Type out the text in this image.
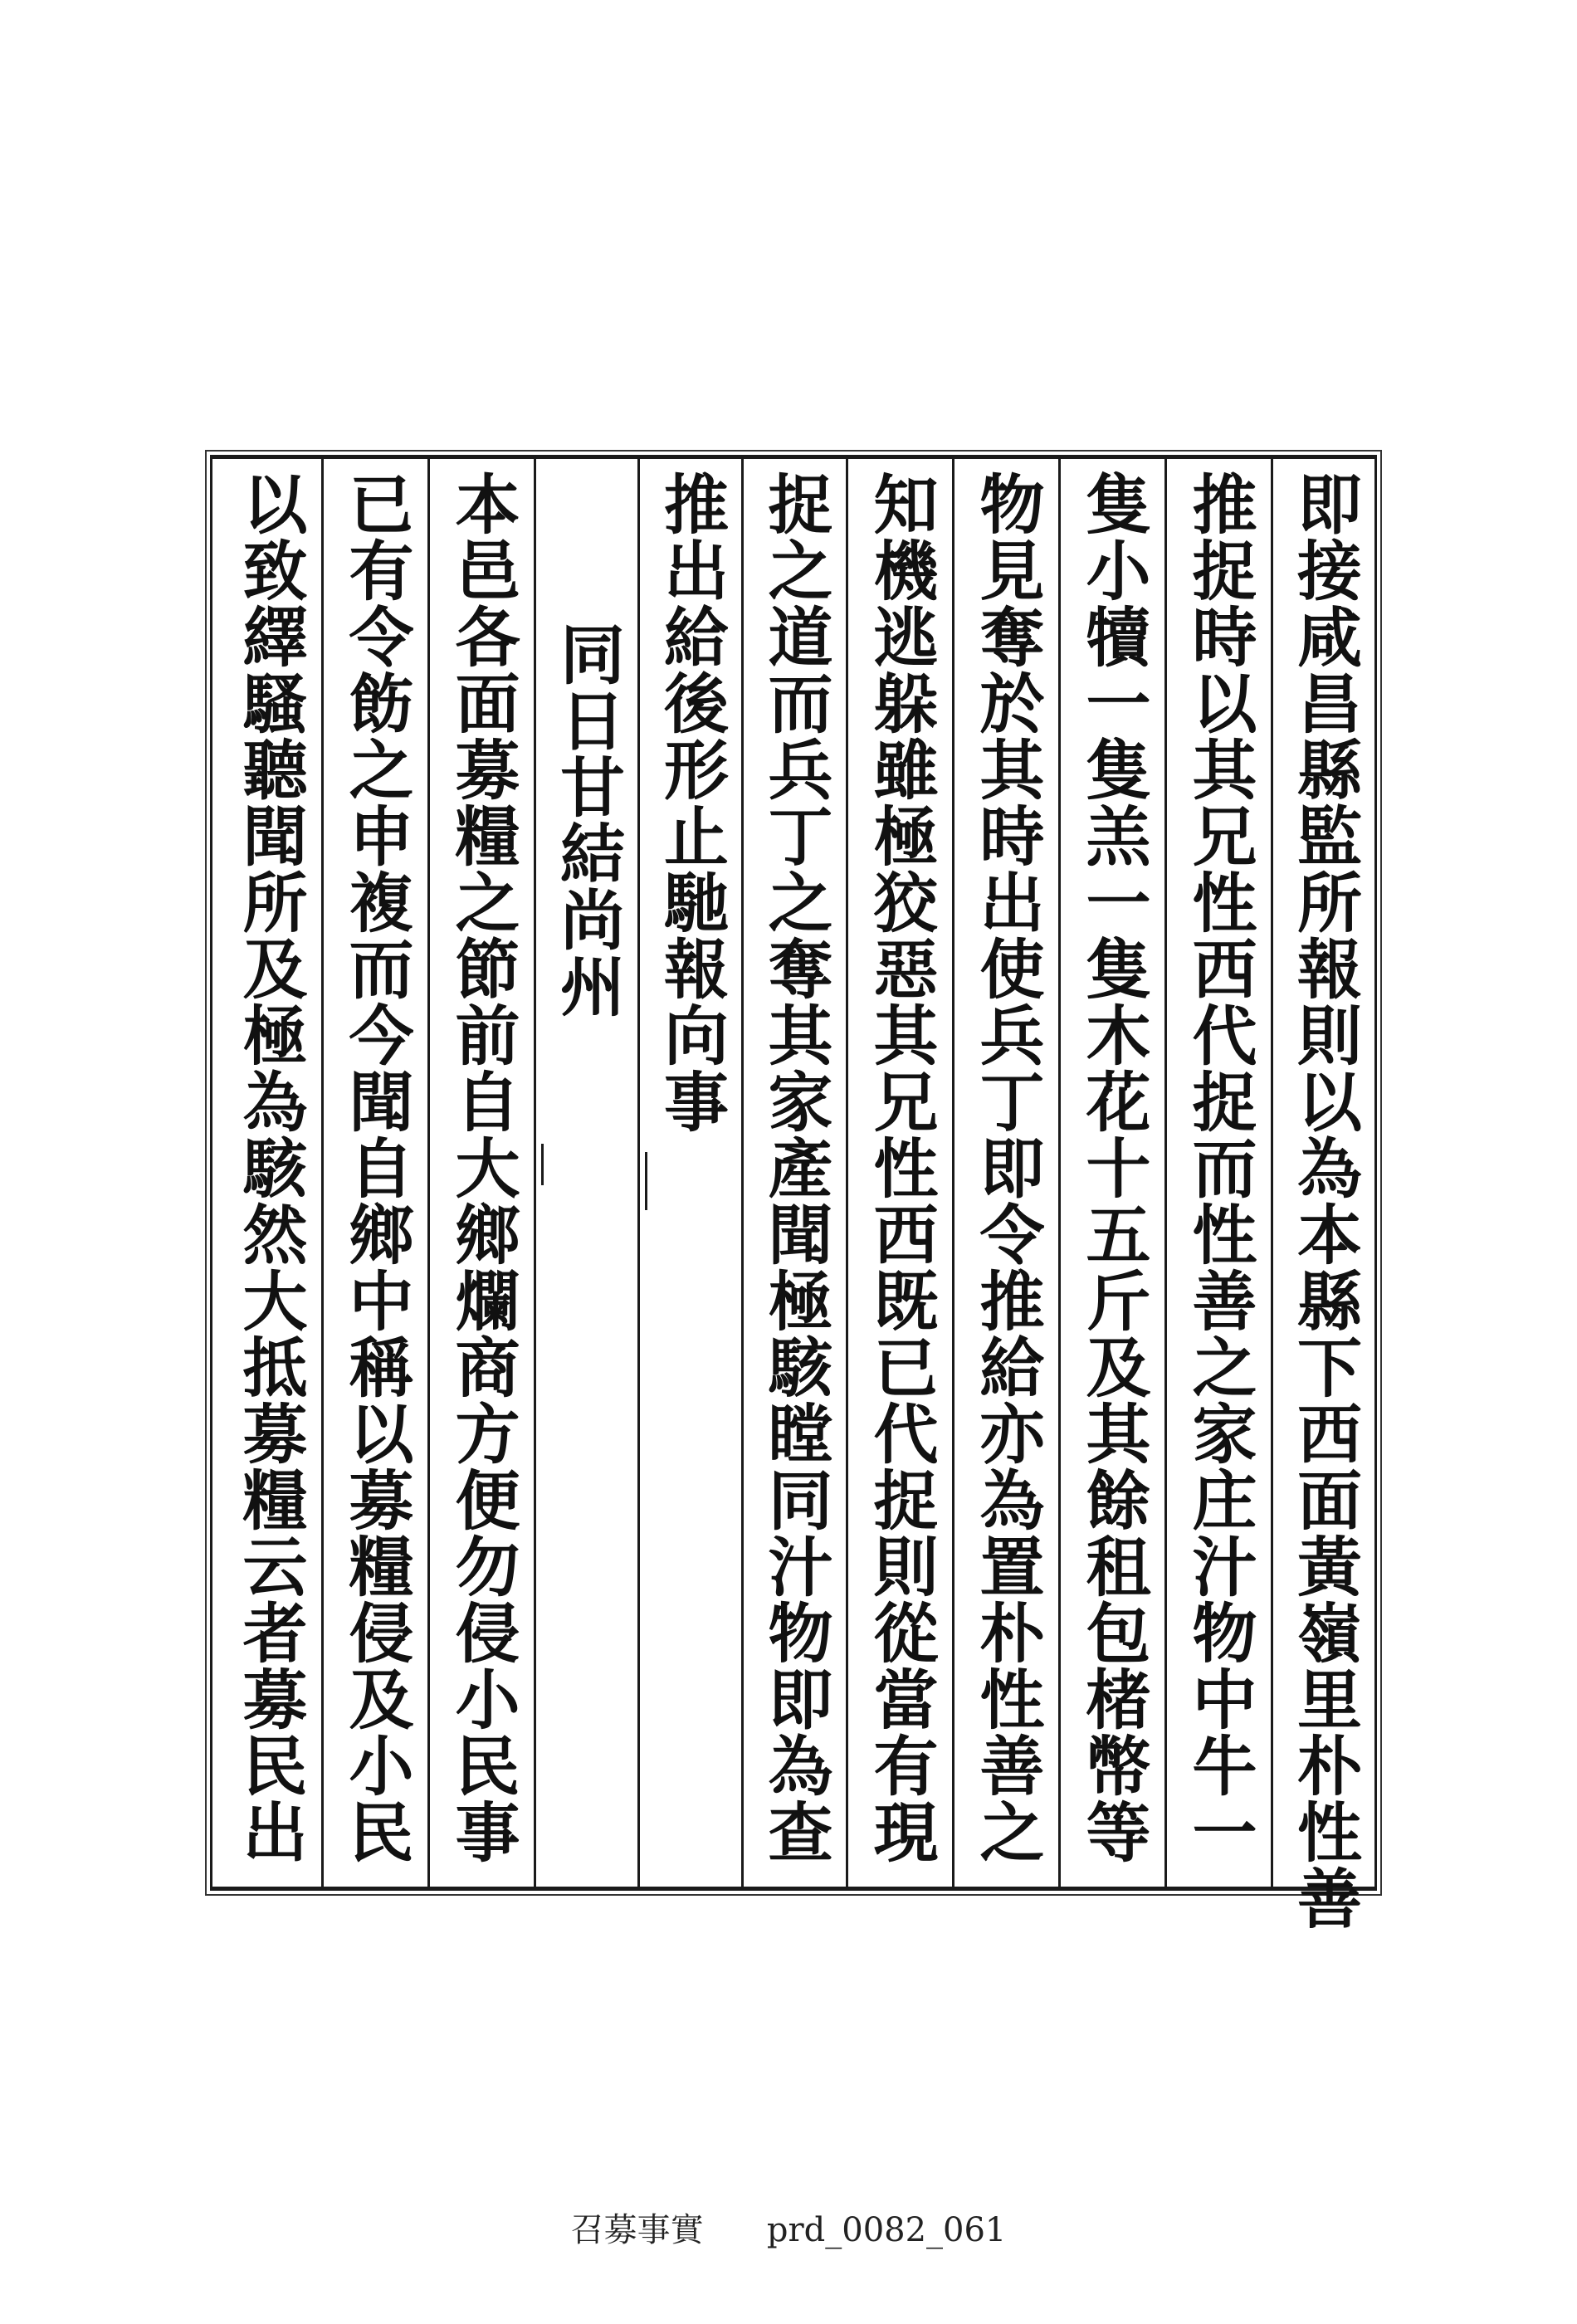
即接咸昌縣監所報則以為本縣下西面黃嶺里朴性善
推捉時以其兄性西代捉而性善之家庄汁物中牛一
隻小犢一隻羔一隻木花十五斤及其餘租包楮幣等
物見奪於其時出使兵丁即令推給亦為置朴性善之
知機逃躲雖極狡惡其兄性西既已代捉則從當有現
捉之道而兵丁之奪其家產聞極駭瞠同汁物即為查
推出給後形止馳報向事
同日甘結尚州
本邑各面募糧之節前自大鄉爛商方便勿侵小民事
已有令飭之申複而今聞自鄉中稱以募糧侵及小民
以致繹騷聽聞所及極為駭然大抵募糧云者募民出
召募事實 prd_0082_061
